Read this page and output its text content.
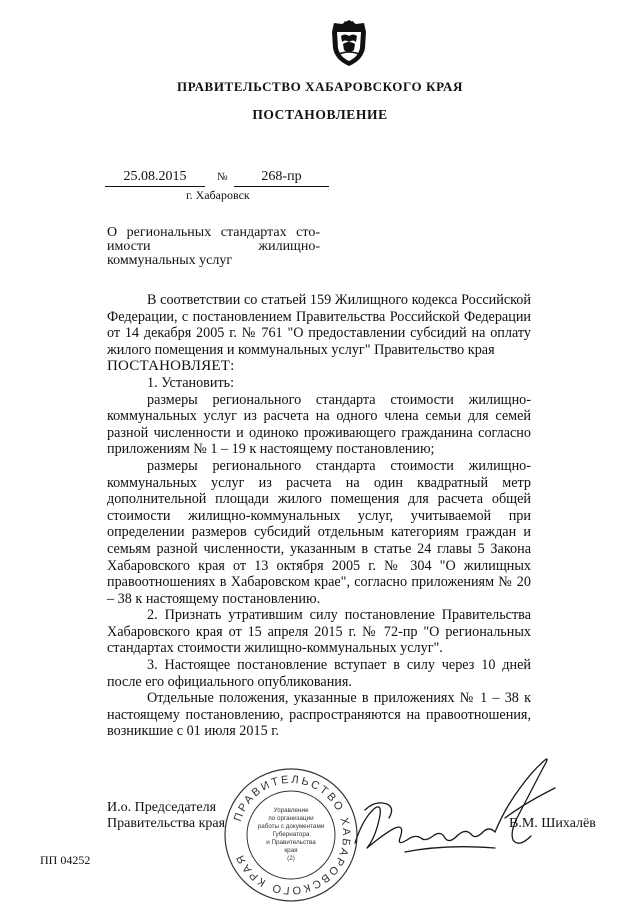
ПРАВИТЕЛЬСТВО ХАБАРОВСКОГО КРАЯ
ПОСТАНОВЛЕНИЕ
25.08.2015	№	268-пр
г. Хабаровск
О региональных стандартах сто-
имости жилищно-
коммунальных услуг

В соответствии со статьей 159 Жилищного кодекса Российской Федерации, с постановлением Правительства Российской Федерации от 14 декабря 2005 г. № 761 "О предоставлении субсидий на оплату жилого помещения и коммунальных услуг" Правительство края

ПОСТАНОВЛЯЕТ:

1. Установить:

размеры регионального стандарта стоимости жилищно-коммунальных услуг из расчета на одного члена семьи для семей разной численности и одиноко проживающего гражданина согласно приложениям № 1 – 19 к настоящему постановлению;

размеры регионального стандарта стоимости жилищно-коммунальных услуг из расчета на один квадратный метр дополнительной площади жилого помещения для расчета общей стоимости жилищно-коммунальных услуг, учитываемой при определении размеров субсидий отдельным категориям граждан и семьям разной численности, указанным в статье 24 главы 5 Закона Хабаровского края от 13 октября 2005 г. № 304 "О жилищных правоотношениях в Хабаровском крае", согласно приложениям № 20 – 38 к настоящему постановлению.

2. Признать утратившим силу постановление Правительства Хабаровского края от 15 апреля 2015 г. № 72-пр "О региональных стандартах стоимости жилищно-коммунальных услуг".

3. Настоящее постановление вступает в силу через 10 дней после его официального опубликования.

Отдельные положения, указанные в приложениях № 1 – 38 к настоящему постановлению, распространяются на правоотношения, возникшие с 01 июля 2015 г.

И.о. Председателя
Правительства края ПРАВИТЕЛЬСТВО ХАБАРОВСКОГО КРАЯ
Управление
по организации
работы с документами
Губернатора
и Правительства
края
(2)
В.М. Шихалёв
ПП 04252
